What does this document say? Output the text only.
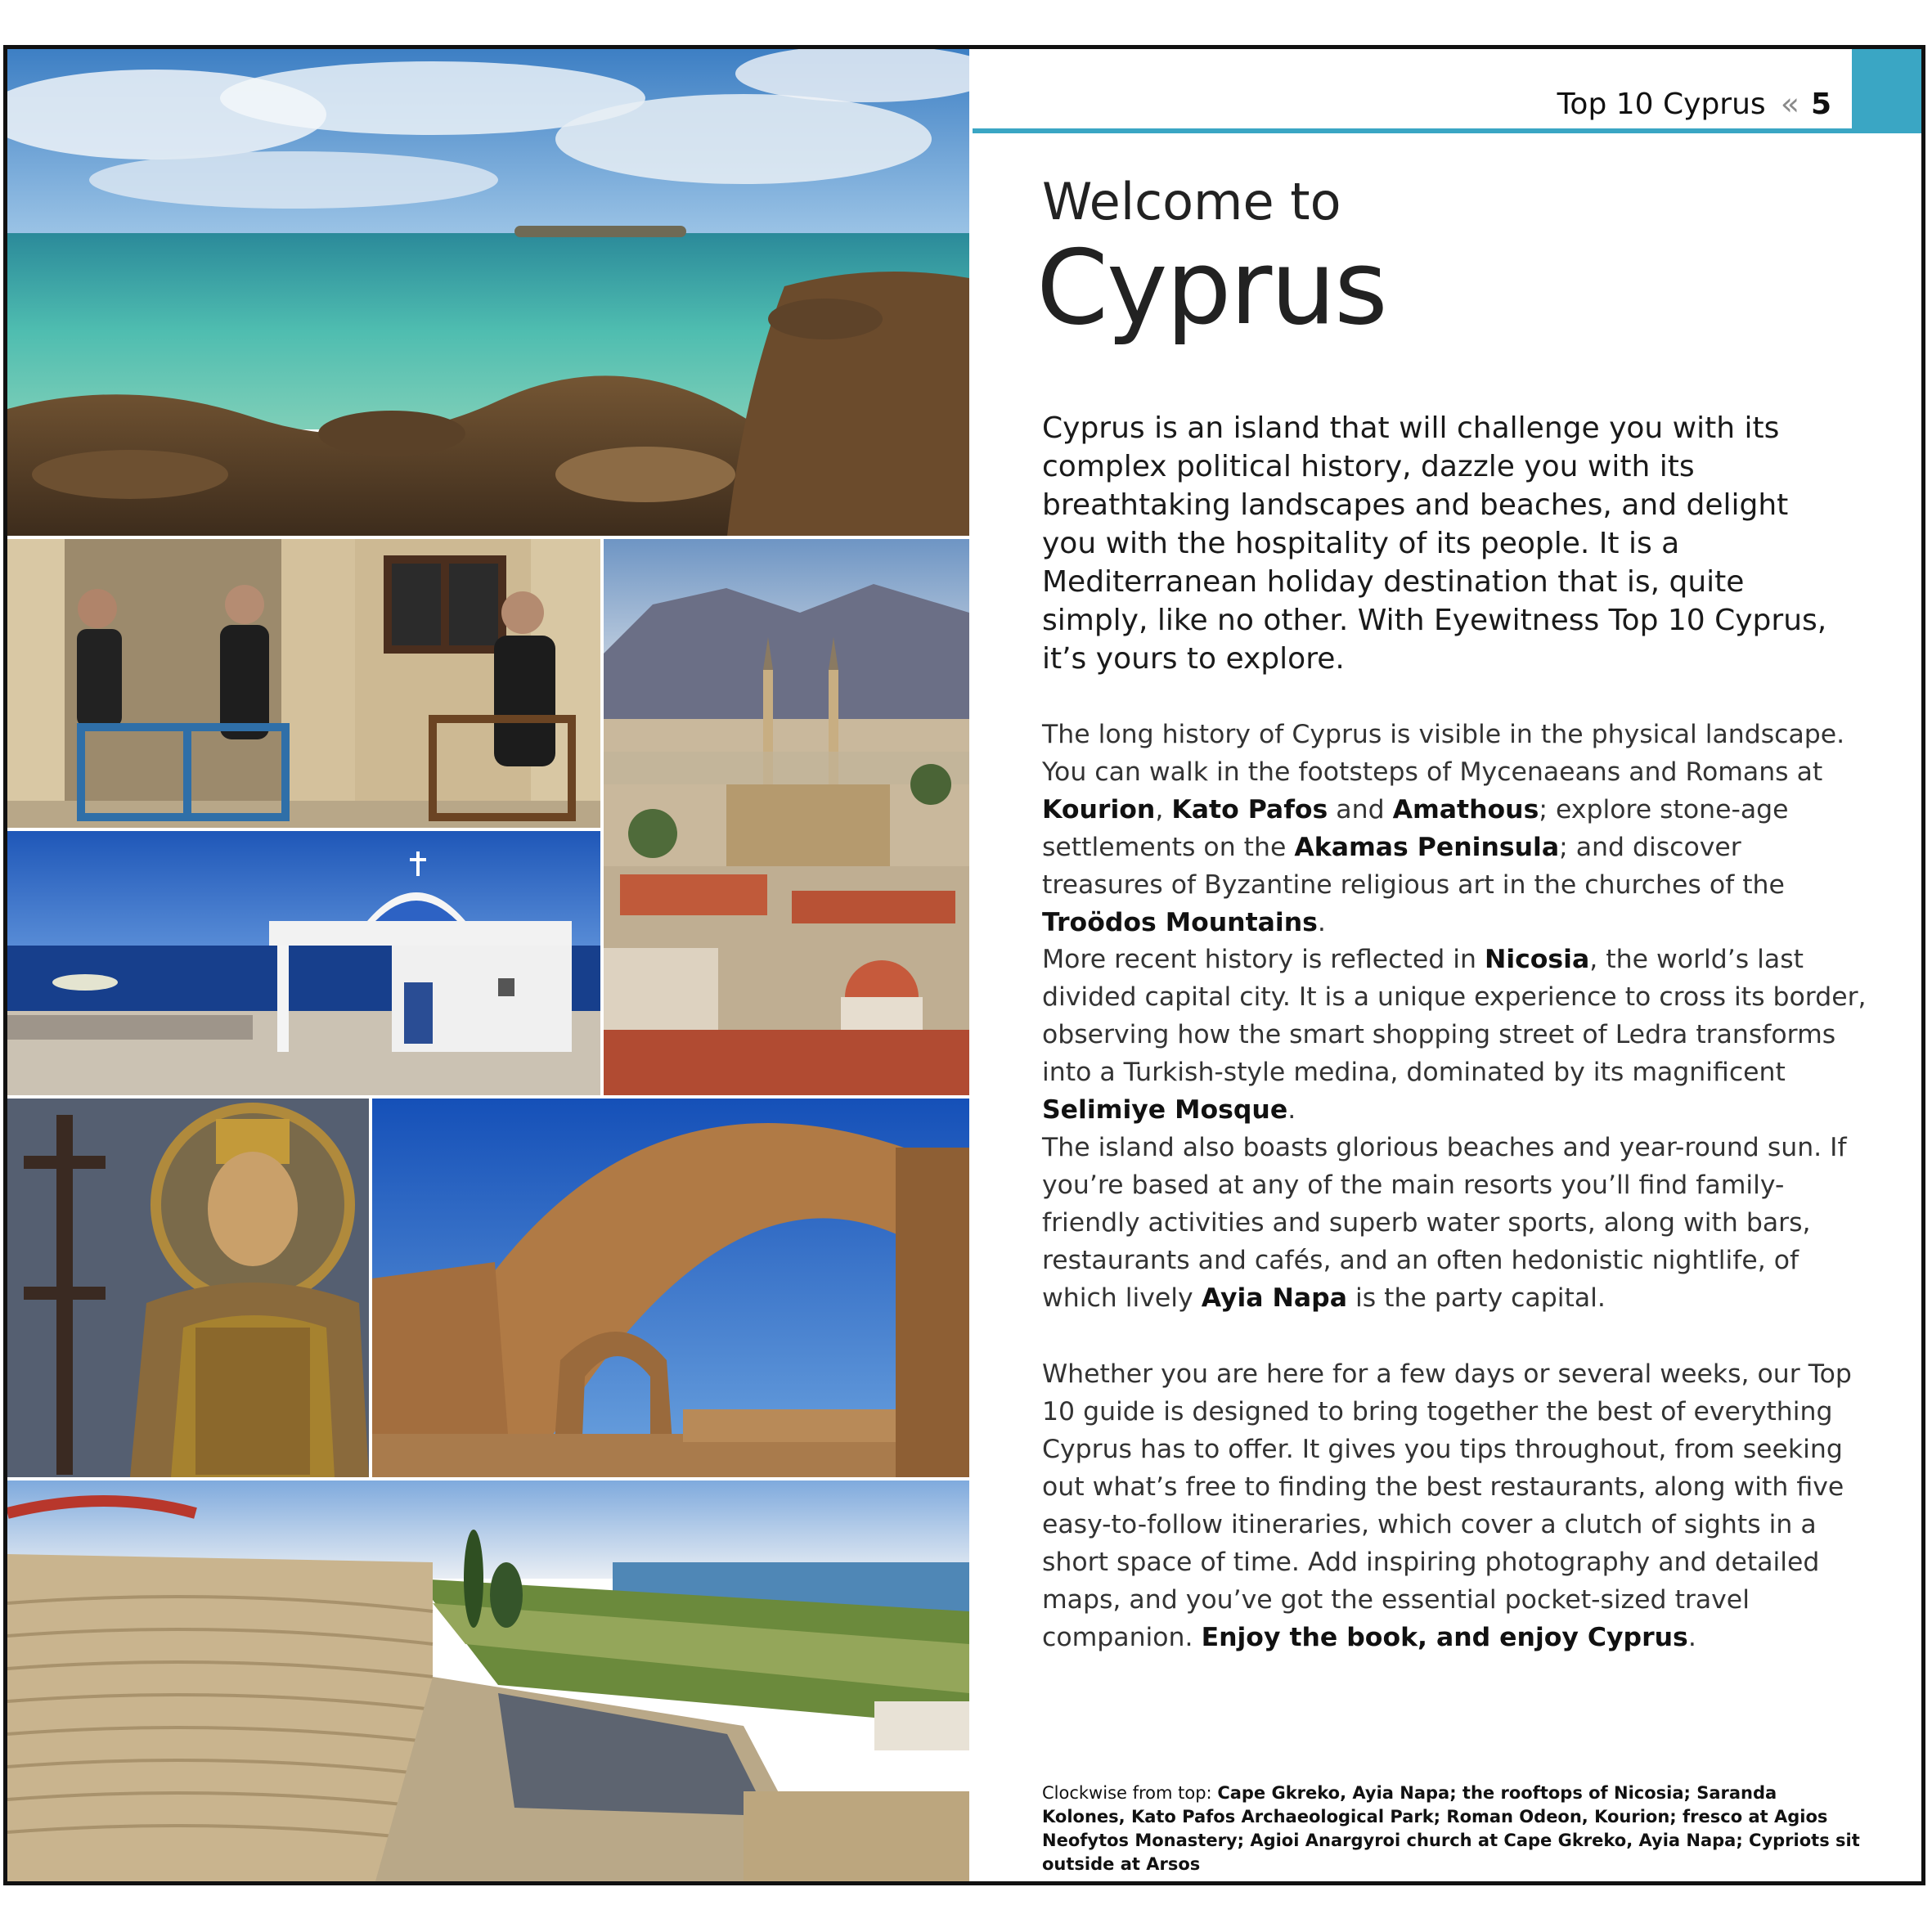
Top 10 Cyprus « 5
Welcome to
Cyprus
Cyprus is an island that will challenge you with its complex political history, dazzle you with its breathtaking landscapes and beaches, and delight you with the hospitality of its people. It is a Mediterranean holiday destination that is, quite simply, like no other. With Eyewitness Top 10 Cyprus, it’s yours to explore.
The long history of Cyprus is visible in the physical landscape. You can walk in the footsteps of Mycenaeans and Romans at Kourion, Kato Pafos and Amathous; explore stone-age settlements on the Akamas Peninsula; and discover treasures of Byzantine religious art in the churches of the Troödos Mountains.
More recent history is reflected in Nicosia, the world’s last divided capital city. It is a unique experience to cross its border, observing how the smart shopping street of Ledra transforms into a Turkish-style medina, dominated by its magnificent Selimiye Mosque.
The island also boasts glorious beaches and year-round sun. If you’re based at any of the main resorts you’ll find family-friendly activities and superb water sports, along with bars, restaurants and cafés, and an often hedonistic nightlife, of which lively Ayia Napa is the party capital.
Whether you are here for a few days or several weeks, our Top 10 guide is designed to bring together the best of everything Cyprus has to offer. It gives you tips throughout, from seeking out what’s free to finding the best restaurants, along with five easy-to-follow itineraries, which cover a clutch of sights in a short space of time. Add inspiring photography and detailed maps, and you’ve got the essential pocket-sized travel companion. Enjoy the book, and enjoy Cyprus.
Clockwise from top: Cape Gkreko, Ayia Napa; the rooftops of Nicosia; Saranda Kolones, Kato Pafos Archaeological Park; Roman Odeon, Kourion; fresco at Agios Neofytos Monastery; Agioi Anargyroi church at Cape Gkreko, Ayia Napa; Cypriots sit outside at Arsos
